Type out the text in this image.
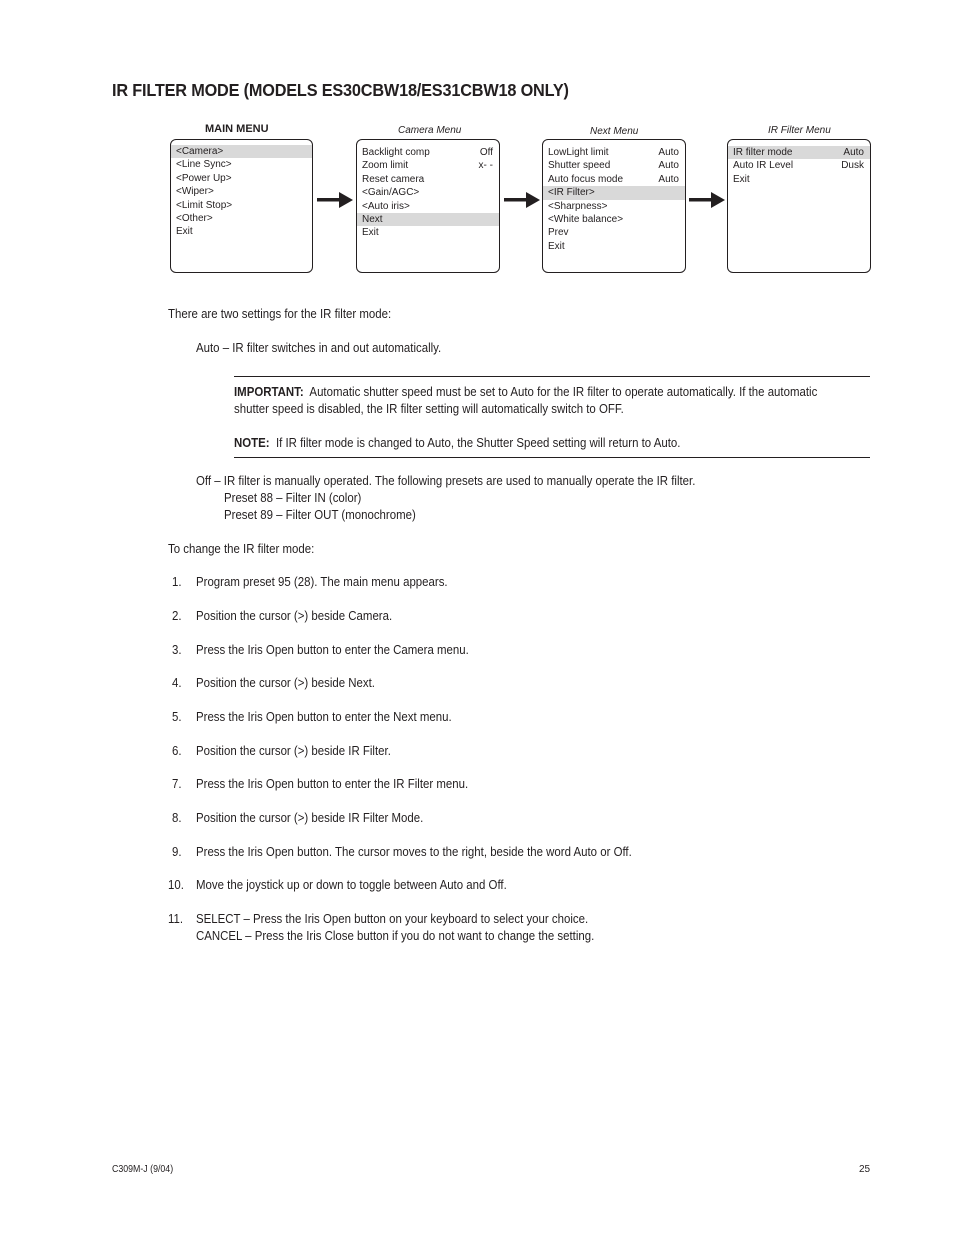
IR FILTER MODE (MODELS ES30CBW18/ES31CBW18 ONLY)
MAIN MENU	Camera Menu	Next Menu	IR Filter Menu
<Camera>
<Line Sync>
<Power Up>
<Wiper>
<Limit Stop>
<Other>
Exit
Backlight comp	Off
Zoom limit	x- -
Reset camera
<Gain/AGC>
<Auto iris>
Next
Exit
LowLight limit	Auto
Shutter speed	Auto
Auto focus mode	Auto
<IR Filter>
<Sharpness>
<White balance>
Prev
Exit
IR filter mode	Auto
Auto IR Level	Dusk
Exit
There are two settings for the IR filter mode:
Auto – IR filter switches in and out automatically.
IMPORTANT: Automatic shutter speed must be set to Auto for the IR filter to operate automatically. If the automatic
shutter speed is disabled, the IR filter setting will automatically switch to OFF.
NOTE: If IR filter mode is changed to Auto, the Shutter Speed setting will return to Auto.
Off – IR filter is manually operated. The following presets are used to manually operate the IR filter.
Preset 88 – Filter IN (color)
Preset 89 – Filter OUT (monochrome)
To change the IR filter mode:
1. Program preset 95 (28). The main menu appears.
2. Position the cursor (>) beside Camera.
3. Press the Iris Open button to enter the Camera menu.
4. Position the cursor (>) beside Next.
5. Press the Iris Open button to enter the Next menu.
6. Position the cursor (>) beside IR Filter.
7. Press the Iris Open button to enter the IR Filter menu.
8. Position the cursor (>) beside IR Filter Mode.
9. Press the Iris Open button. The cursor moves to the right, beside the word Auto or Off.
10. Move the joystick up or down to toggle between Auto and Off.
11. SELECT – Press the Iris Open button on your keyboard to select your choice.
CANCEL – Press the Iris Close button if you do not want to change the setting.
C309M-J (9/04)	25
